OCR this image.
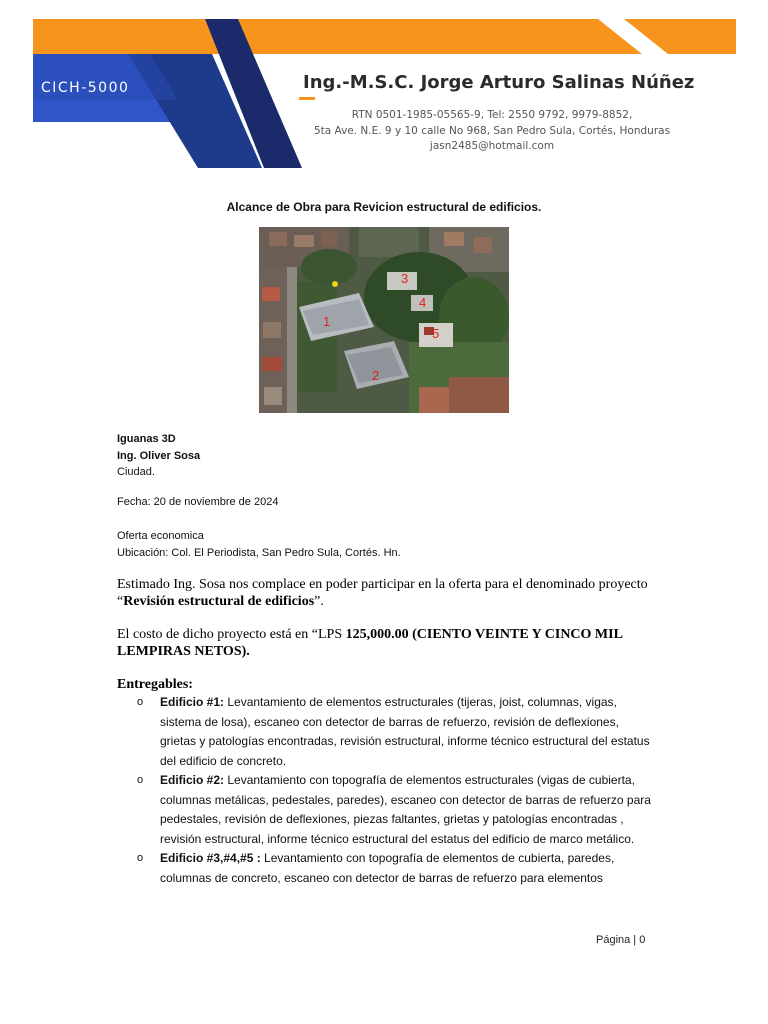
CICH-5000	Ing.-M.S.C. Jorge Arturo Salinas Núñez
RTN 0501-1985-05565-9, Tel: 2550 9792, 9979-8852,
5ta Ave. N.E. 9 y 10 calle No 968, San Pedro Sula, Cortés, Honduras
jasn2485@hotmail.com
Alcance de Obra para Revicion estructural de edificios.
1
2
3
4
5
Iguanas 3D
Ing. Oliver Sosa
Ciudad.
Fecha: 20 de noviembre de 2024
Oferta economica
Ubicación: Col. El Periodista, San Pedro Sula, Cortés. Hn.
Estimado Ing. Sosa nos complace en poder participar en la oferta para el denominado proyecto “Revisión estructural de edificios”.
El costo de dicho proyecto está en “LPS 125,000.00 (CIENTO VEINTE Y CINCO MIL LEMPIRAS NETOS).
Entregables:
o Edificio #1: Levantamiento de elementos estructurales (tijeras, joist, columnas, vigas, sistema de losa), escaneo con detector de barras de refuerzo, revisión de deflexiones, grietas y patologías encontradas, revisión estructural, informe técnico estructural del estatus del edificio de concreto.
o Edificio #2: Levantamiento con topografía de elementos estructurales (vigas de cubierta, columnas metálicas, pedestales, paredes), escaneo con detector de barras de refuerzo para pedestales, revisión de deflexiones, piezas faltantes, grietas y patologías encontradas , revisión estructural, informe técnico estructural del estatus del edificio de marco metálico.
o Edificio #3,#4,#5 : Levantamiento con topografía de elementos de cubierta, paredes, columnas de concreto, escaneo con detector de barras de refuerzo para elementos
Página | 0
